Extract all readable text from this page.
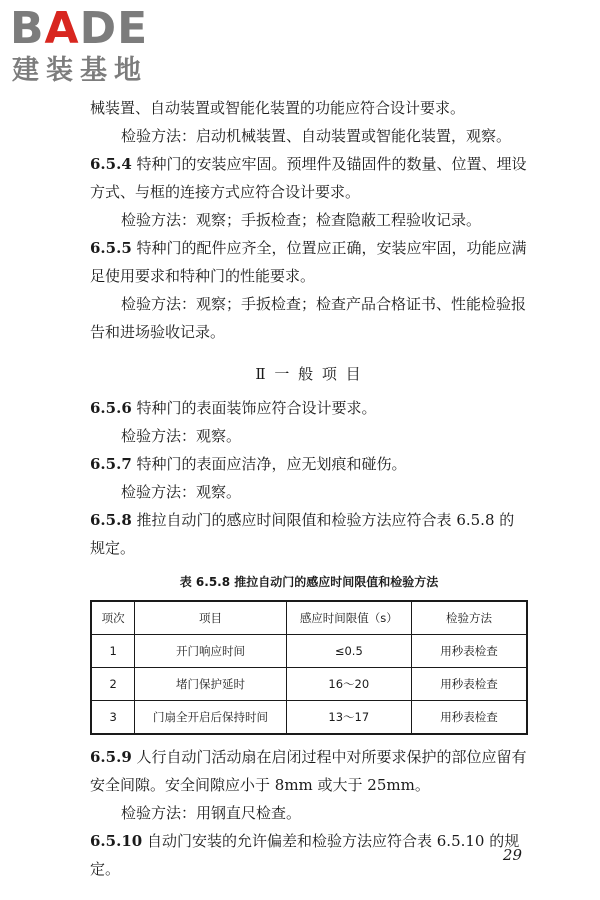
BADE
建装基地

械装置、自动装置或智能化装置的功能应符合设计要求。

检验方法：启动机械装置、自动装置或智能化装置，观察。

6.5.4 特种门的安装应牢固。预埋件及锚固件的数量、位置、埋设方式、与框的连接方式应符合设计要求。

检验方法：观察；手扳检查；检查隐蔽工程验收记录。

6.5.5 特种门的配件应齐全，位置应正确，安装应牢固，功能应满足使用要求和特种门的性能要求。

检验方法：观察；手扳检查；检查产品合格证书、性能检验报告和进场验收记录。

Ⅱ 一 般 项 目

6.5.6 特种门的表面装饰应符合设计要求。

检验方法：观察。

6.5.7 特种门的表面应洁净，应无划痕和碰伤。

检验方法：观察。

6.5.8 推拉自动门的感应时间限值和检验方法应符合表 6.5.8 的规定。

表 6.5.8 推拉自动门的感应时间限值和检验方法
项次	项目	感应时间限值（s）	检验方法
1	开门响应时间	≤0.5	用秒表检查
2	堵门保护延时	16～20	用秒表检查
3	门扇全开启后保持时间	13～17	用秒表检查

6.5.9 人行自动门活动扇在启闭过程中对所要求保护的部位应留有安全间隙。安全间隙应小于 8mm 或大于 25mm。

检验方法：用钢直尺检查。

6.5.10 自动门安装的允许偏差和检验方法应符合表 6.5.10 的规定。

29
